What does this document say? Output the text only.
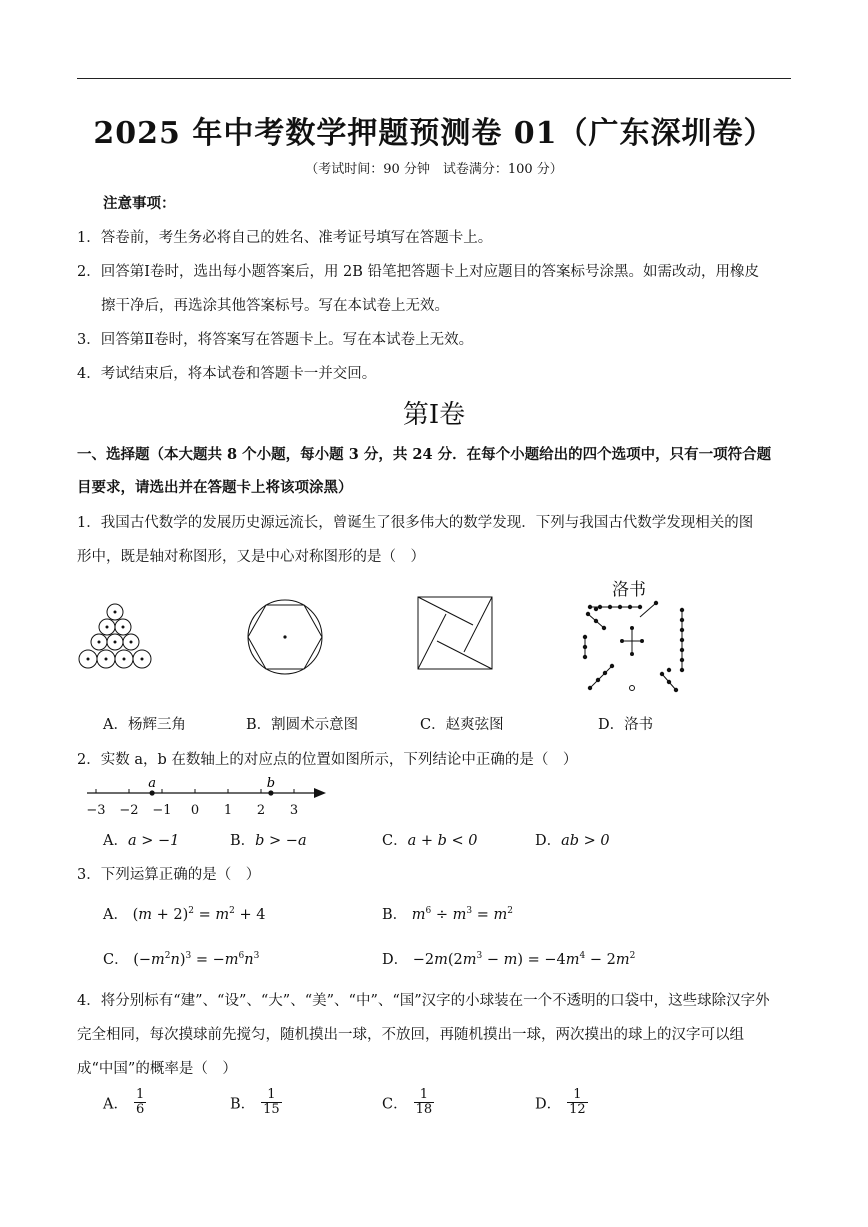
2025 年中考数学押题预测卷 01（广东深圳卷）
（考试时间：90 分钟　试卷满分：100 分）
注意事项：
1．答卷前，考生务必将自己的姓名、准考证号填写在答题卡上。
2．回答第Ⅰ卷时，选出每小题答案后，用 2B 铅笔把答题卡上对应题目的答案标号涂黑。如需改动，用橡皮
擦干净后，再选涂其他答案标号。写在本试卷上无效。
3．回答第Ⅱ卷时，将答案写在答题卡上。写在本试卷上无效。
4．考试结束后，将本试卷和答题卡一并交回。
第I卷
一、选择题（本大题共 8 个小题，每小题 3 分，共 24 分．在每个小题给出的四个选项中，只有一项符合题
目要求，请选出并在答题卡上将该项涂黑）
1．我国古代数学的发展历史源远流长，曾诞生了很多伟大的数学发现．下列与我国古代数学发现相关的图
形中，既是轴对称图形，又是中心对称图形的是（　）
洛书
A．杨辉三角	B．割圆术示意图	C．赵爽弦图	D．洛书
2．实数 a，b 在数轴上的对应点的位置如图所示，下列结论中正确的是（　）
−3 −2 −1 0 1 2 3
a	b
A．a > −1	B．b > −a	C．a + b < 0	D．ab > 0
3．下列运算正确的是（　）
A． $(m + 2)^2 = m^2 + 4$	B． $m^6 \div m^3 = m^2$
C． $(-m^2n)^3 = -m^6n^3$	D． $-2m(2m^3 - m) = -4m^4 - 2m^2$
4．将分别标有“建”、“设”、“大”、“美”、“中”、“国”汉字的小球装在一个不透明的口袋中，这些球除汉字外
完全相同，每次摸球前先搅匀，随机摸出一球，不放回，再随机摸出一球，两次摸出的球上的汉字可以组
成“中国”的概率是（　）
A． $\frac{1}{6}$	B． $\frac{1}{15}$	C． $\frac{1}{18}$	D． $\frac{1}{12}$
